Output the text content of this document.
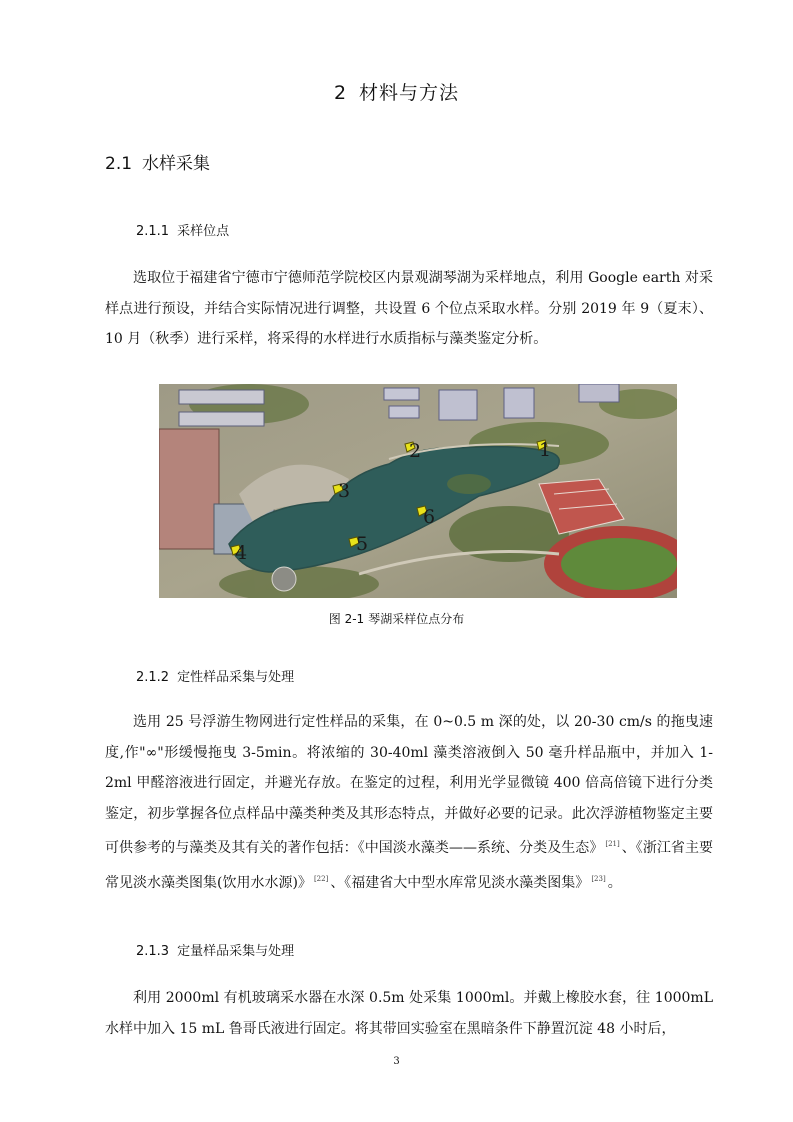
2 材料与方法
2.1 水样采集
2.1.1 采样位点

选取位于福建省宁德市宁德师范学院校区内景观湖琴湖为采样地点，利用 Google earth 对采样点进行预设，并结合实际情况进行调整，共设置 6 个位点采取水样。分别 2019 年 9（夏末）、10 月（秋季）进行采样，将采得的水样进行水质指标与藻类鉴定分析。

1
2
3
4	5
6
图 2-1 琴湖采样位点分布
2.1.2 定性样品采集与处理

选用 25 号浮游生物网进行定性样品的采集，在 0~0.5 m 深的处，以 20-30 cm/s 的拖曳速度,作"∞"形缓慢拖曳 3-5min。将浓缩的 30-40ml 藻类溶液倒入 50 毫升样品瓶中，并加入 1-2ml 甲醛溶液进行固定，并避光存放。在鉴定的过程，利用光学显微镜 400 倍高倍镜下进行分类鉴定，初步掌握各位点样品中藻类种类及其形态特点，并做好必要的记录。此次浮游植物鉴定主要可供参考的与藻类及其有关的著作包括：《中国淡水藻类——系统、分类及生态》 [21] 、《浙江省主要常见淡水藻类图集(饮用水水源)》 [22] 、《福建省大中型水库常见淡水藻类图集》 [23] 。

2.1.3 定量样品采集与处理

利用 2000ml 有机玻璃采水器在水深 0.5m 处采集 1000ml。并戴上橡胶水套，往 1000mL 水样中加入 15 mL 鲁哥氏液进行固定。将其带回实验室在黑暗条件下静置沉淀 48 小时后，

3
